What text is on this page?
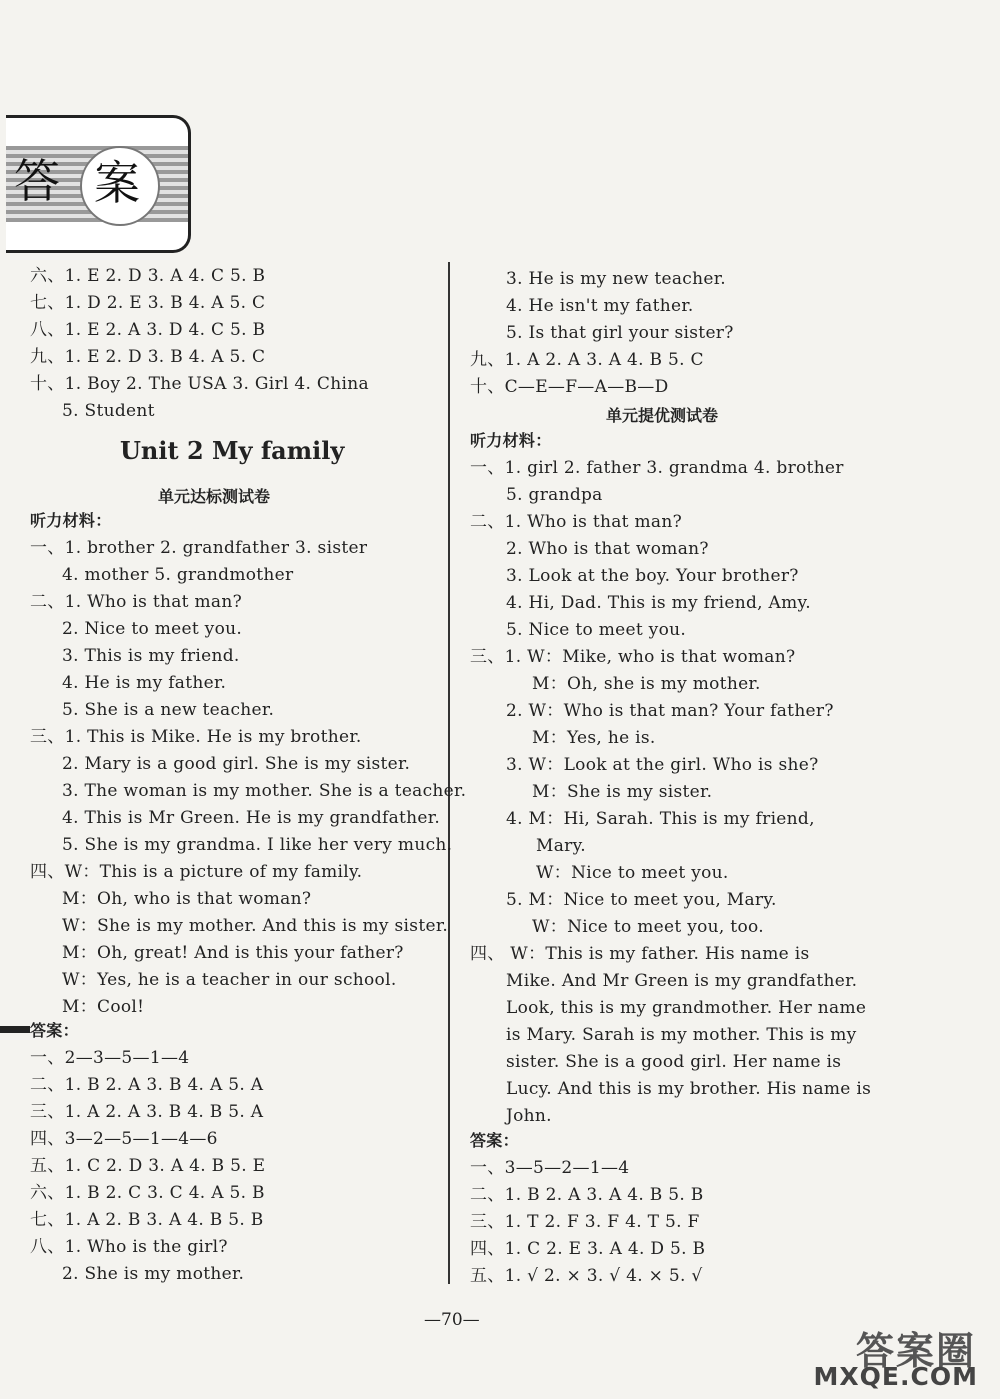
答 案
六、1. E 2. D 3. A 4. C 5. B
七、1. D 2. E 3. B 4. A 5. C
八、1. E 2. A 3. D 4. C 5. B
九、1. E 2. D 3. B 4. A 5. C
十、1. Boy 2. The USA 3. Girl 4. China
5. Student
听力材料：
一、1. brother 2. grandfather 3. sister
4. mother 5. grandmother
二、1. Who is that man?
2. Nice to meet you.
3. This is my friend.
4. He is my father.
5. She is a new teacher.
三、1. This is Mike. He is my brother.
2. Mary is a good girl. She is my sister.
3. The woman is my mother. She is a teacher.
4. This is Mr Green. He is my grandfather.
5. She is my grandma. I like her very much.
四、W：This is a picture of my family.
M：Oh, who is that woman?
W：She is my mother. And this is my sister.
M：Oh, great! And is this your father?
W：Yes, he is a teacher in our school.
M：Cool!
答案：
一、2—3—5—1—4
二、1. B 2. A 3. B 4. A 5. A
三、1. A 2. A 3. B 4. B 5. A
四、3—2—5—1—4—6
五、1. C 2. D 3. A 4. B 5. E
六、1. B 2. C 3. C 4. A 5. B
七、1. A 2. B 3. A 4. B 5. B
八、1. Who is the girl?
2. She is my mother.
Unit 2 My family
单元达标测试卷
3. He is my new teacher.
4. He isn't my father.
5. Is that girl your sister?
九、1. A 2. A 3. A 4. B 5. C
十、C—E—F—A—B—D
听力材料：
一、1. girl 2. father 3. grandma 4. brother
5. grandpa
二、1. Who is that man?
2. Who is that woman?
3. Look at the boy. Your brother?
4. Hi, Dad. This is my friend, Amy.
5. Nice to meet you.
三、1. W：Mike, who is that woman?
M：Oh, she is my mother.
2. W：Who is that man? Your father?
M：Yes, he is.
3. W：Look at the girl. Who is she?
M：She is my sister.
4. M：Hi, Sarah. This is my friend,
Mary.
W：Nice to meet you.
5. M：Nice to meet you, Mary.
W：Nice to meet you, too.
四、 W：This is my father. His name is
Mike. And Mr Green is my grandfather.
Look, this is my grandmother. Her name
is Mary. Sarah is my mother. This is my
sister. She is a good girl. Her name is
Lucy. And this is my brother. His name is
John.
答案：
一、3—5—2—1—4
二、1. B 2. A 3. A 4. B 5. B
三、1. T 2. F 3. F 4. T 5. F
四、1. C 2. E 3. A 4. D 5. B
五、1. √ 2. × 3. √ 4. × 5. √
单元提优测试卷
—70—
答案圈
MXQE.COM
